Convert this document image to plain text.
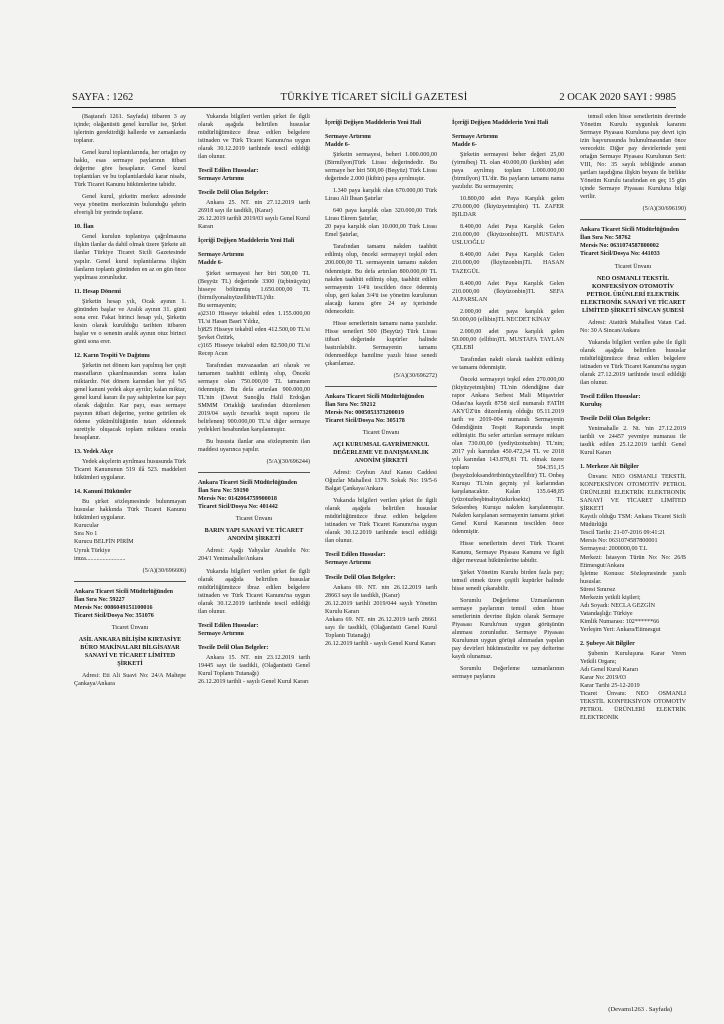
SAYFA : 1262	TÜRKİYE TİCARET SİCİLİ GAZETESİ	2 OCAK 2020 SAYI : 9985
(Baştarafı 1261. Sayfada) itibaren 3 ay içinde; olağanüstü genel kurullar ise, Şirket işlerinin gerektirdiği hallerde ve zamanlarda toplanır.
Genel kurul toplantılarında, her ortağın oy hakkı, esas sermaye paylarının itibari değerine göre hesaplanır. Genel kurul toplantıları ve bu toplantılardaki karar nisabı, Türk Ticaret Kanunu hükümlerine tabidir.
Genel kurul, şirketin merkez adresinde veya yönetim merkezinin bulunduğu şehrin elverişli bir yerinde toplanır.
10. İlan
Genel kurulun toplantıya çağrılmasına ilişkin ilanlar da dahil olmak üzere Şirkete ait ilanlar Türkiye Ticaret Sicili Gazetesinde yapılır. Genel kurul toplantılarına ilişkin ilanların toplantı gününden en az on gün önce yapılması zorunludur.
11. Hesap Dönemi
Şirketin hesap yılı, Ocak ayının 1. gününden başlar ve Aralık ayının 31. günü sona erer. Fakat birinci hesap yılı, Şirketin kesin olarak kurulduğu tarihten itibaren başlar ve o senenin aralık ayının otuz birinci günü sona erer.
12. Karın Tespiti Ve Dağıtımı
Şirketin net dönem karı yapılmış her çeşit masrafların çıkarılmasından sonra kalan miktardır. Net dönem karından her yıl %5 genel kanuni yedek akçe ayrılır; kalan miktar, genel kurul kararı ile pay sahiplerine kar payı olarak dağıtılır. Kar payı, esas sermaye payının itibari değerine, yerine getirilen ek ödeme yükümlülüğünün tutarı eklenmek suretiyle oluşacak toplam miktara oranla hesaplanır.
13. Yedek Akçe
Yedek akçelerin ayrılması hususunda Türk Ticaret Kanununun 519 ilâ 523. maddeleri hükümleri uygulanır.
14. Kanuni Hükümler
Bu şirket sözleşmesinde bulunmayan hususlar hakkında Türk Ticaret Kanunu hükümleri uygulanır.
Kurucular
Sıra No 1
Kurucu BELFİN PİRİM
Uyruk Türkiye
imza..........................
(5/A)(30/696606)
Ankara Ticaret Sicili Müdürlüğünden
İlan Sıra No: 59227
Mersis No: 0086049151100016
Ticaret Sicil/Dosya No: 351076
Ticaret Ünvanı
ASİL ANKARA BİLİŞİM KIRTASİYE BÜRO MAKİNALARI BİLGİSAYAR SANAYİ VE TİCARET LİMİTED ŞİRKETİ
Adresi: Eti Ali Suavi No: 24/A Maltepe Çankaya/Ankara
Yukarıda bilgileri verilen şirket ile ilgili olarak aşağıda belirtilen hususlar müdürlüğümüzce ibraz edilen belgelere istinaden ve Türk Ticaret Kanunu'na uygun olarak 30.12.2019 tarihinde tescil edildiği ilan olunur.
Tescil Edilen Hususlar:
Sermaye Artırımı
Tescile Delil Olan Belgeler:
Ankara 25. NT. nin 27.12.2019 tarih 26918 sayı ile tasdikli, (Karar)
26.12.2019 tarihli 2019/03 sayılı Genel Kurul Kararı
İçeriği Değişen Maddelerin Yeni Hali
Sermaye Artırımı
Madde 6-
Şirket sermayesi her biri 500,00 TL (Beşyüz TL) değerinde 3300 (üçbinüçyüz) hisseye bölünmüş 1.650.000,00 TL (birmilyonaltıyüzellibinTL)'dir.
Bu sermayenin;
a)2310 Hisseye tekabül eden 1.155.000,00 TL'si Hasan Basri Yıldız,
b)825 Hisseye tekabül eden 412.500,00 TL'si Şevket Öztürk,
c)165 Hisseye tekabül eden 82.500,00 TL'si Recep Acun
Tarafından muvazaadan ari olarak ve tamamen taahhüt edilmiş olup, Önceki sermaye olan 750.000,00 TL tamamen ödenmiştir. Bu defa artırılan 900.000,00 TL'nin (Davut Sunoğlu Halil Erdoğan SMMM Ortaklığı tarafından düzenlenen 2019/04 sayılı özvarlık tespit raporu ile belirlenen) 900.000,00 TL'si diğer sermaye yedekleri hesabından karşılanmıştır.
Bu hususta ilanlar ana sözleşmenin ilan maddesi uyarınca yapılır.
(5/A)(30/696244)
Ankara Ticaret Sicili Müdürlüğünden
İlan Sıra No: 59190
Mersis No: 0142064759900018
Ticaret Sicil/Dosya No: 401442
Ticaret Ünvanı
BARIN YAPI SANAYİ VE TİCARET ANONİM ŞİRKETİ
Adresi: Aşağı Yahyalar Anadolu No: 204/1 Yenimahalle/Ankara
Yukarıda bilgileri verilen şirket ile ilgili olarak aşağıda belirtilen hususlar müdürlüğümüzce ibraz edilen belgelere istinaden ve Türk Ticaret Kanunu'na uygun olarak 30.12.2019 tarihinde tescil edildiği ilan olunur.
Tescil Edilen Hususlar:
Sermaye Artırımı
Tescile Delil Olan Belgeler:
Ankara 15. NT. nin 23.12.2019 tarih 19445 sayı ile tasdikli, (Olağanüstü Genel Kurul Toplantı Tutanağı)
26.12.2019 tarihli - sayılı Genel Kurul Kararı
İçeriği Değişen Maddelerin Yeni Hali
Sermaye Artırımı
Madde 6-
Şirketin sermayesi, beheri 1.000.000,00 (Birmilyon)Türk Lirası değerindedir. Bu sermaye her biri 500,00 (Beşyüz) Türk Lirası değerinde 2.000 (ikibin) paya ayrılmıştır.
1.340 paya karşılık olan 670.000,00 Türk Lirası Ali İhsan Şatırlar
640 paya karşılık olan 320.000,00 Türk Lirası Ekrem Şatırlar,
20 paya karşılık olan 10.000,00 Türk Lirası Emel Şatırlar,
Tarafından tamamı nakden taahhüt edilmiş olup, önceki sermayeyi teşkil eden 200.000,00 TL sermayenin tamamı nakden ödenmiştir. Bu defa artırılan 800.000,00 TL nakden taahhüt edilmiş olup, taahhüt edilen sermayenin 1/4'ü tescilden önce ödenmiş olup, geri kalan 3/4'ü ise yönetim kurulunun alacağı karara göre 24 ay içerisinde ödenecektir.
Hisse senetlerinin tamamı nama yazılıdır. Hisse senetleri 500 (Beşyüz) Türk Lirası itibari değerinde kupürler halinde bastırılabilir. Sermayenin tamamı ödenmedikçe hamiline yazılı hisse senedi çıkarılamaz.
(5/A)(30/696272)
Ankara Ticaret Sicili Müdürlüğünden
İlan Sıra No: 59212
Mersis No: 0005053373200019
Ticaret Sicil/Dosya No: 305178
Ticaret Ünvanı
AÇI KURUMSAL GAYRİMENKUL DEĞERLEME VE DANIŞMANLIK ANONİM ŞİRKETİ
Adresi: Ceyhun Atuf Kansu Caddesi Oğuzlar Mahallesi 1379. Sokak No: 19/5-6 Balgat Çankaya/Ankara
Yukarıda bilgileri verilen şirket ile ilgili olarak aşağıda belirtilen hususlar müdürlüğümüzce ibraz edilen belgelere istinaden ve Türk Ticaret Kanunu'na uygun olarak 30.12.2019 tarihinde tescil edildiği ilan olunur.
Tescil Edilen Hususlar:
Sermaye Artırımı
Tescile Delil Olan Belgeler:
Ankara 69. NT. nin 26.12.2019 tarih 28663 sayı ile tasdikli, (Karar)
26.12.2019 tarihli 2019/044 sayılı Yönetim Kurulu Kararı
Ankara 69. NT. nin 26.12.2019 tarih 28661 sayı ile tasdikli, (Olağanüstü Genel Kurul Toplantı Tutanağı)
26.12.2019 tarihli - sayılı Genel Kurul Kararı
İçeriği Değişen Maddelerin Yeni Hali
Sermaye Artırımı
Madde 6-
Şirketin sermayesi beher değeri 25,00 (yirmibeş) TL olan 40.000,00 (kırkbin) adet paya ayrılmış toplam 1.000.000,00 (birmilyon) TL'dir. Bu payların tamamı nama yazılıdır. Bu sermayenin;
10.800,00 adet Paya Karşılık gelen 270.000,00 (İkiyüzyetmişbin) TL ZAFER IŞILDAR
8.400,00 Adet Paya Karşılık Gelen 210.000,00 (İkiyüzonbin)TL MUSTAFA USLUOĞLU
8.400,00 Adet Paya Karşılık Gelen 210.000,00 (İkiyüzonbin)TL HASAN TAZEGÜL
8.400,00 Adet Paya Karşılık Gelen 210.000,00 (İkiyüzonbin)TL SEFA ALPARSLAN
2.000,00 adet paya karşılık gelen 50.000,00 (ellibin)TL NECDET KİNAY
2.000,00 adet paya karşılık gelen 50.000,00 (ellibin)TL MUSTAFA TAYLAN ÇELEBİ
Tarafından nakdi olarak taahhüt edilmiş ve tamamı ödenmiştir.
Önceki sermayeyi teşkil eden 270.000,00 (ikiyüzyetmişbin) TL'nin ödendiğine dair rapor Ankara Serbest Mali Müşavirler Odası'na kayıtlı 8758 sicil numaralı FATİH AKYÜZ'ün düzenlemiş olduğu 05.11.2019 tarih ve 2019-004 numaralı Sermayenin Ödendiğinin Tespit Raporunda tespit edilmiştir. Bu sefer artırılan sermaye miktarı olan 730.00,00 (yediyüzotuzbin) TL'nin; 2017 yılı karından 450.472,34 TL ve 2018 yılı karından 143.878,81 TL olmak üzere toplam 594.351,15 (beşyüzdoksandörtbinüçyüzellibir) TL Onbeş Kuruşu TL'nin geçmiş yıl karlarından karşılanacaktır. Kalan 135.648,85 (yüzotuzbeşbinaltıyüzkırksekiz) TL Seksenbeş Kuruşu nakden karşılanmıştır. Nakden karşılanan sermayenin tamamı şirket Genel Kurul Kararının tescilden önce ödenmiştir.
Hisse senetlerinin devri Türk Ticaret Kanunu, Sermaye Piyasası Kanunu ve ilgili diğer mevzuat hükümlerine tabidir.
Şirket Yönetim Kurulu birden fazla pay; temsil etmek üzere çeşitli kupürler halinde hisse senedi çıkarabilir.
Sorumlu Değerleme Uzmanlarının sermaye paylarının temsil eden hisse senetlerinin devrine ilişkin olarak Sermaye Piyasası Kurulu'nun uygun görüşünün alınması zorunludur. Sermaye Piyasası Kurulunun uygun görüşü alınmadan yapılan pay devirleri hükümsüzdür ve pay defterine kaydı olunamaz.
Sorumlu Değerleme uzmanlarının sermaye paylarını
temsil eden hisse senetlerinin devrinde Yönetim Kurulu uygunluk kararını Sermaye Piyasası Kuruluna pay devri için izin başvurusunda bulunulmasından önce verecektir. Diğer pay devirlerinde yeni ortağın Sermaye Piyasası Kurulunun Seri: VIII, No: 35 sayılı tebliğinde aranan şartları taşıdığına ilişkin beyanı ile birlikte Yönetim Kurulu tarafından en geç 15 gün içinde Sermaye Piyasası Kuruluna bilgi verilir.
(5/A)(30/696190)
Ankara Ticaret Sicili Müdürlüğünden
İlan Sıra No: 58762
Mersis No: 0631074587800002
Ticaret Sicil/Dosya No: 441033
Ticaret Ünvanı
NEO OSMANLI TEKSTİL KONFEKSİYON OTOMOTİV PETROL ÜRÜNLERİ ELEKTRİK ELEKTRONİK SANAYİ VE TİCARET LİMİTED ŞİRKETİ SİNCAN ŞUBESİ
Adresi: Atatürk Mahallesi Vatan Cad. No: 30 A Sincan/Ankara
Yukarıda bilgileri verilen şube ile ilgili olarak aşağıda belirtilen hususlar müdürlüğümüzce ibraz edilen belgelere istinaden ve Türk Ticaret Kanunu'na uygun olarak 27.12.2019 tarihinde tescil edildiği ilan olunur.
Tescil Edilen Hususlar:
Kuruluş
Tescile Delil Olan Belgeler:
Yenimahalle 2. Nt. 'nin 27.12.2019 tarihli ve 24457 yevmiye numarası ile tasdik edilen 25.12.2019 tarihli Genel Kurul Kararı
1. Merkeze Ait Bilgiler
Ünvanı: NEO OSMANLI TEKSTİL KONFEKSİYON OTOMOTİV PETROL ÜRÜNLERİ ELEKTRİK ELEKTRONİK SANAYİ VE TİCARET LİMİTED ŞİRKETİ
Kayıtlı olduğu TSM: Ankara Ticaret Sicili Müdürlüğü
Tescil Tarihi: 21-07-2016 09:41:21
Mersis No: 0631074587800001
Sermayesi: 2000000,00 T.L
Merkezi: İstasyon Türün No: No: 26/B Etimesgut/Ankara
İşletme Konusu: Sözleşmesinde yazılı hususlar.
Süresi Sınırsız
Merkezin yetkili kişileri;
Adı Soyadı: NECLA GEZGİN
Vatandaşlığı: Türkiye
Kimlik Numarası: 102******66
Yerleşim Yeri: Ankara/Etimesgut
2. Şubeye Ait Bilgiler
Şubenin Kuruluşuna Karar Veren Yetkili Organı;
Adı Genel Kurul Kararı
Karar No: 2019/03
Karar Tarihi 25-12-2019
Ticaret Ünvanı: NEO OSMANLI TEKSTİL KONFEKSİYON OTOMOTİV PETROL ÜRÜNLERİ ELEKTRİK ELEKTRONİK
(Devamı1263 . Sayfada)
